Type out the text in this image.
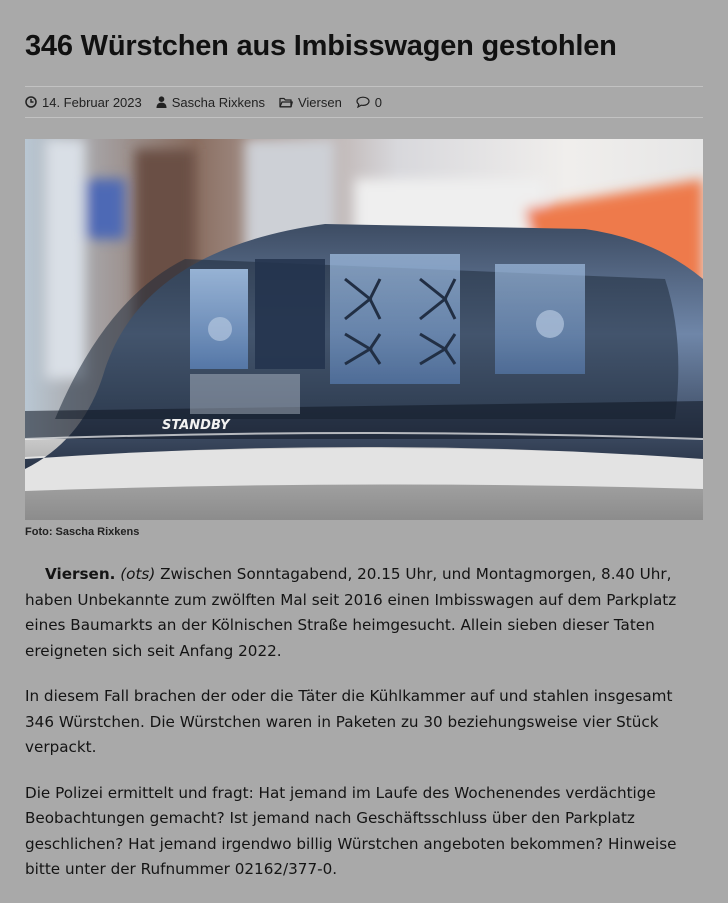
346 Würstchen aus Imbisswagen gestohlen
14. Februar 2023 Sascha Rixkens	Viersen	0
STANDBY
Foto: Sascha Rixkens

Viersen. (ots) Zwischen Sonntagabend, 20.15 Uhr, und Montagmorgen, 8.40 Uhr, haben Unbekannte zum zwölften Mal seit 2016 einen Imbisswagen auf dem Parkplatz eines Baumarkts an der Kölnischen Straße heimgesucht. Allein sieben dieser Taten ereigneten sich seit Anfang 2022.

In diesem Fall brachen der oder die Täter die Kühlkammer auf und stahlen insgesamt 346 Würstchen. Die Würstchen waren in Paketen zu 30 beziehungsweise vier Stück verpackt.

Die Polizei ermittelt und fragt: Hat jemand im Laufe des Wochenendes verdächtige Beobachtungen gemacht? Ist jemand nach Geschäftsschluss über den Parkplatz geschlichen? Hat jemand irgendwo billig Würstchen angeboten bekommen? Hinweise bitte unter der Rufnummer 02162/377-0.
